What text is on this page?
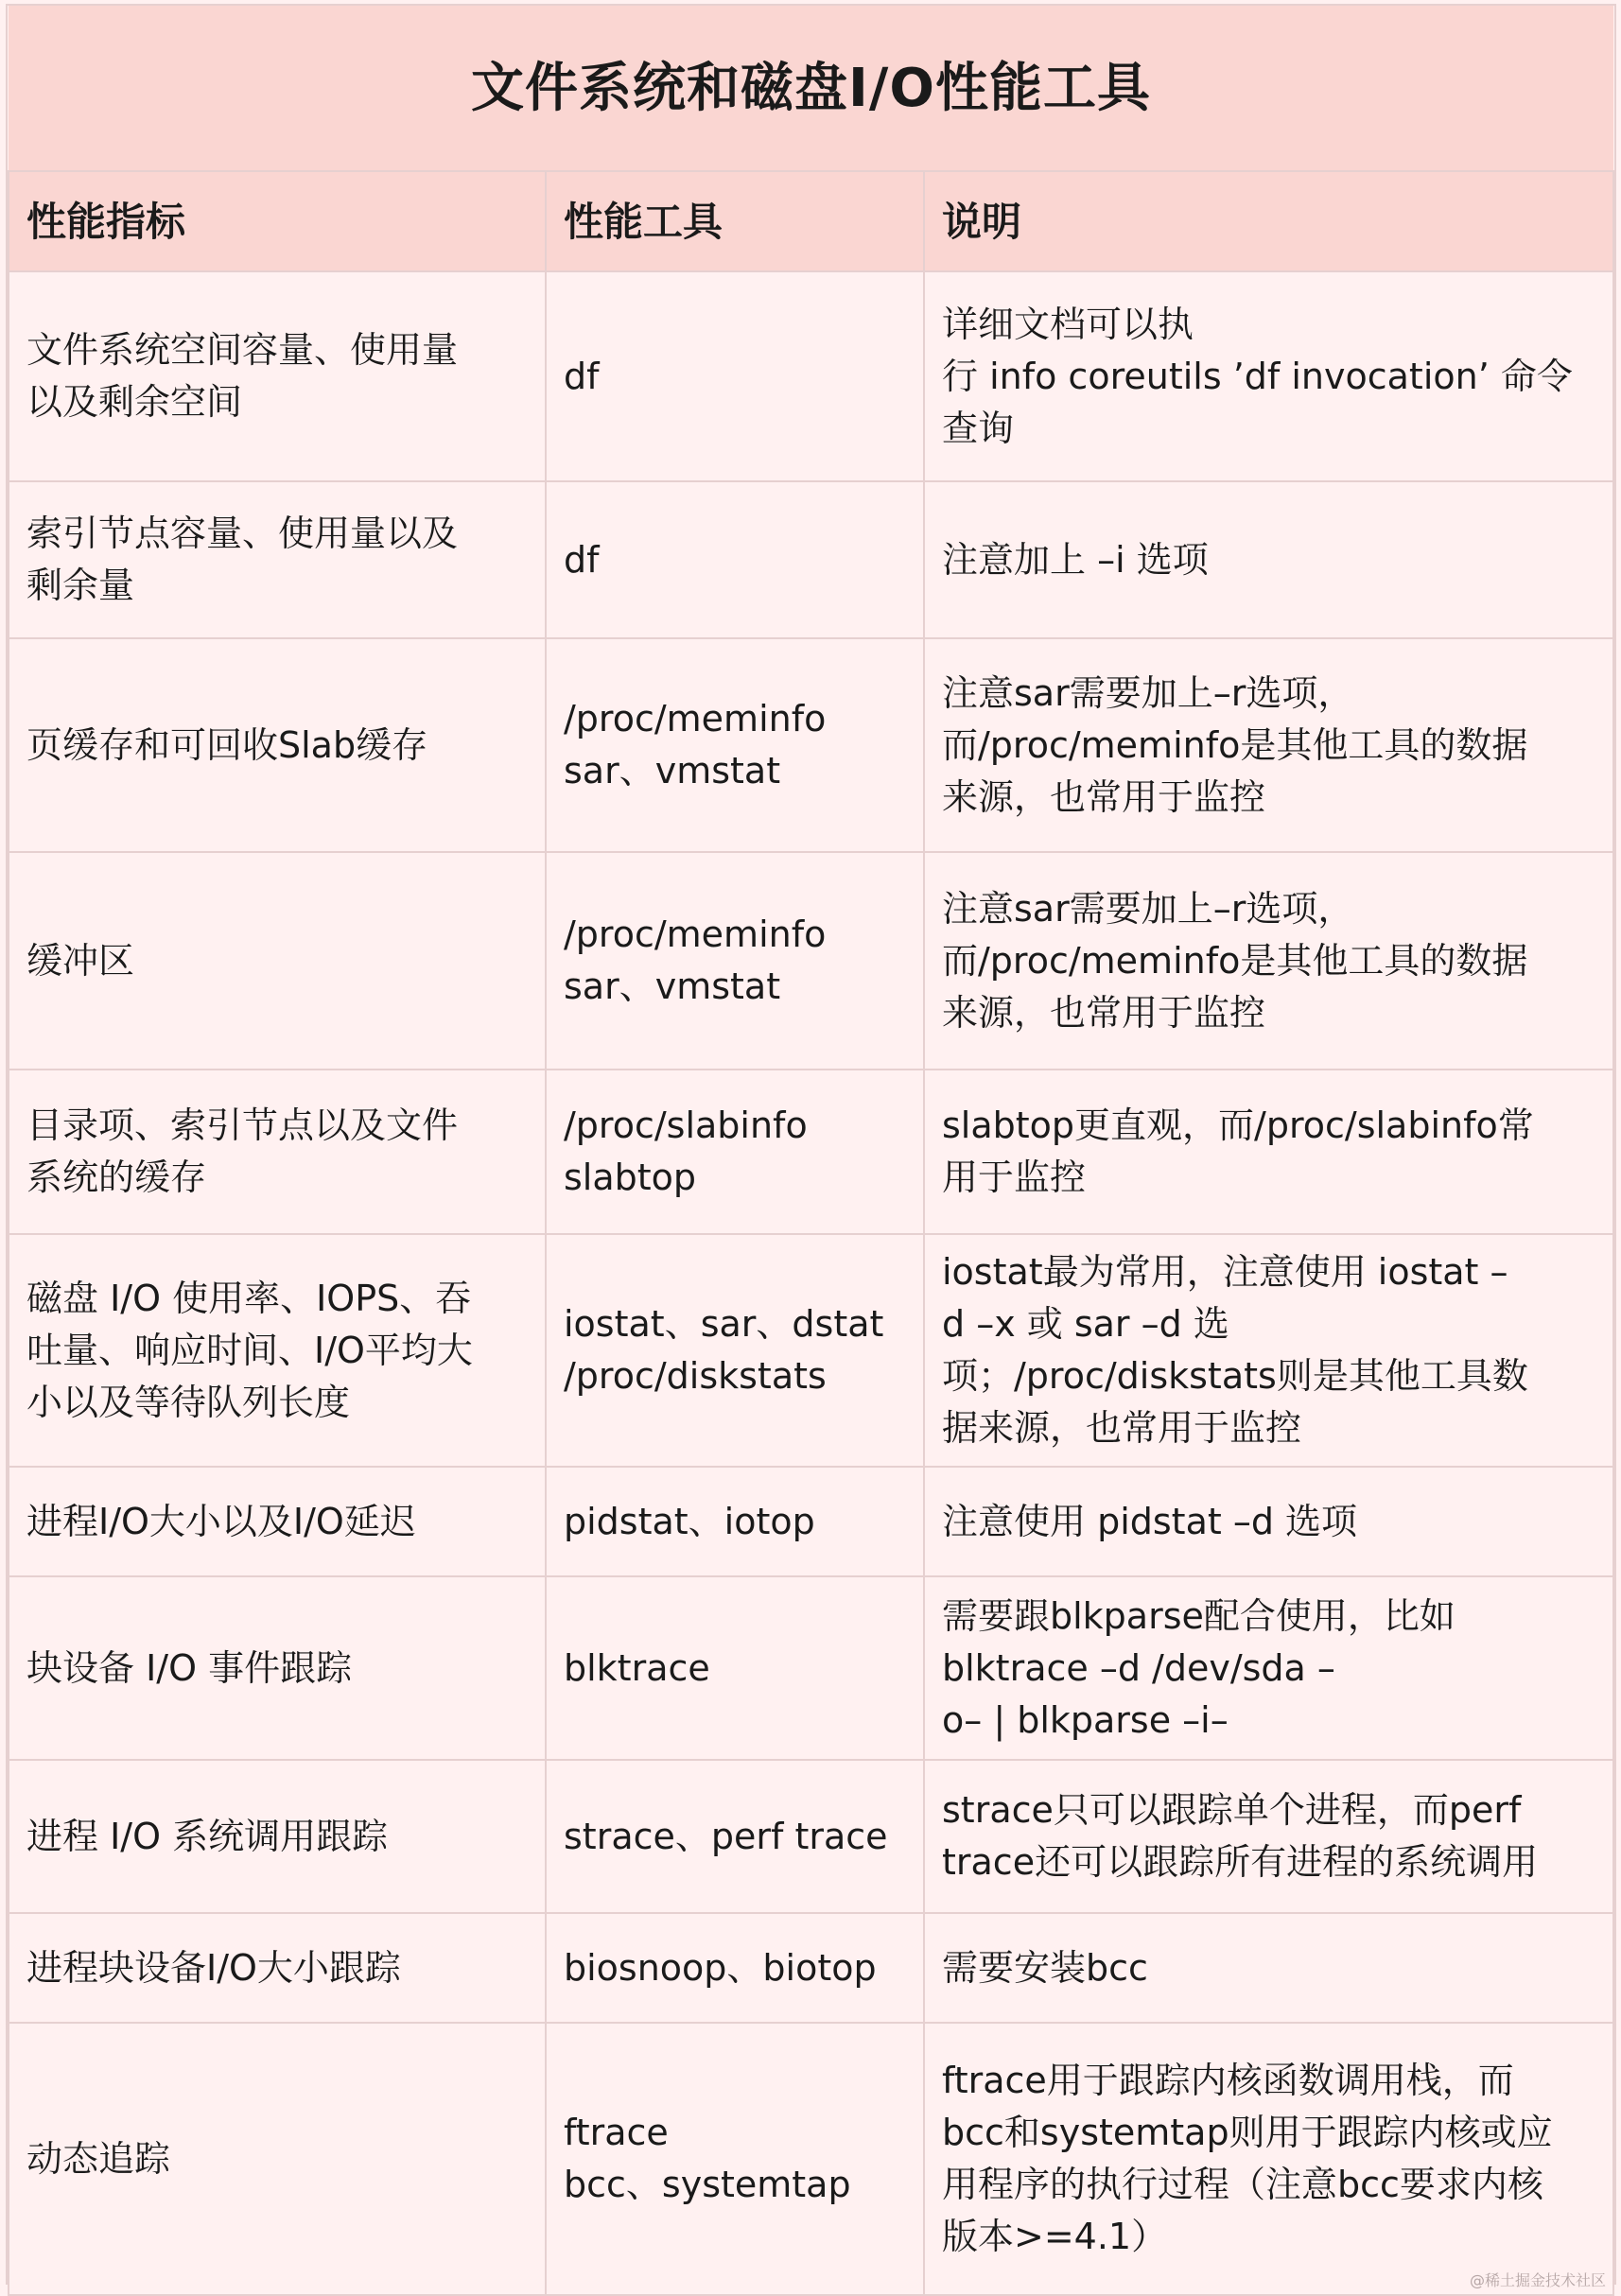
文件系统和磁盘I/O性能工具		
性能指标	性能工具	说明

文件系统空间容量、使用量
以及剩余空间	df	详细文档可以执
行 info coreutils ’df invocation’ 命令
查询

索引节点容量、使用量以及
剩余量	df	注意加上 –i 选项

页缓存和可回收Slab缓存	/proc/meminfo
sar、vmstat	注意sar需要加上–r选项，
而/proc/meminfo是其他工具的数据
来源，也常用于监控

缓冲区	/proc/meminfo
sar、vmstat	注意sar需要加上–r选项，
而/proc/meminfo是其他工具的数据
来源，也常用于监控

目录项、索引节点以及文件
系统的缓存	/proc/slabinfo
slabtop	slabtop更直观，而/proc/slabinfo常
用于监控

磁盘 I/O 使用率、IOPS、吞
吐量、响应时间、I/O平均大
小以及等待队列长度	iostat、sar、dstat
/proc/diskstats	iostat最为常用，注意使用 iostat –
d –x 或 sar –d 选
项；/proc/diskstats则是其他工具数
据来源，也常用于监控

进程I/O大小以及I/O延迟	pidstat、iotop	注意使用 pidstat –d 选项

块设备 I/O 事件跟踪	blktrace	需要跟blkparse配合使用，比如
blktrace –d /dev/sda –
o– | blkparse –i–

进程 I/O 系统调用跟踪	strace、perf trace	strace只可以跟踪单个进程，而perf
trace还可以跟踪所有进程的系统调用

进程块设备I/O大小跟踪	biosnoop、biotop	需要安装bcc

动态追踪	ftrace
bcc、systemtap	ftrace用于跟踪内核函数调用栈，而
bcc和systemtap则用于跟踪内核或应
用程序的执行过程（注意bcc要求内核
版本>=4.1）
@稀土掘金技术社区
